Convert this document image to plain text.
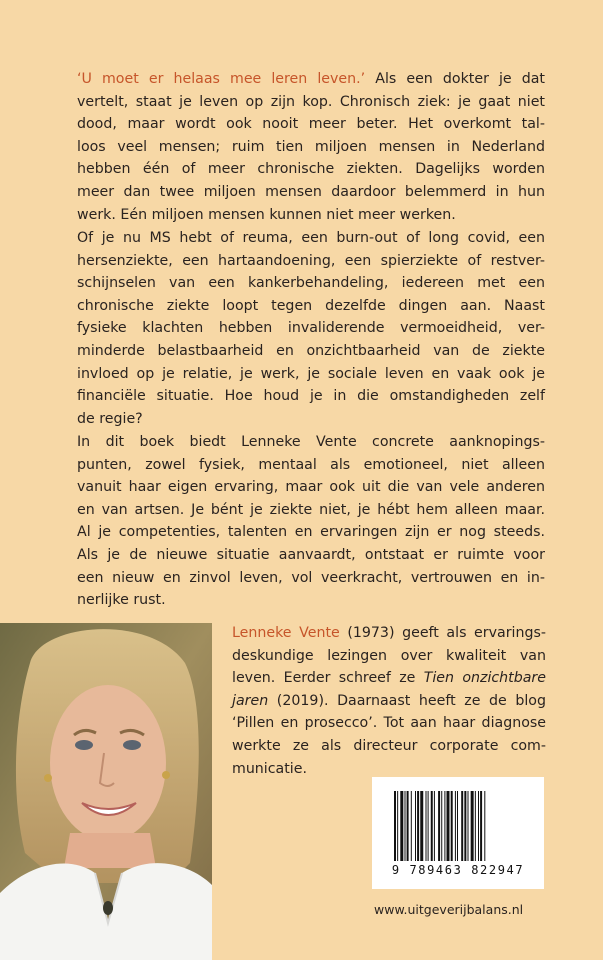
‘U moet er helaas mee leren leven.’ Als een dokter je dat
vertelt, staat je leven op zijn kop. Chronisch ziek: je gaat niet
dood, maar wordt ook nooit meer beter. Het overkomt tal-
loos veel mensen; ruim tien miljoen mensen in Nederland
hebben één of meer chronische ziekten. Dagelijks worden
meer dan twee miljoen mensen daardoor belemmerd in hun
werk. Eén miljoen mensen kunnen niet meer werken.
Of je nu MS hebt of reuma, een burn-out of long covid, een
hersenziekte, een hartaandoening, een spierziekte of restver-
schijnselen van een kankerbehandeling, iedereen met een
chronische ziekte loopt tegen dezelfde dingen aan. Naast
fysieke klachten hebben invaliderende vermoeidheid, ver-
minderde belastbaarheid en onzichtbaarheid van de ziekte
invloed op je relatie, je werk, je sociale leven en vaak ook je
financiële situatie. Hoe houd je in die omstandigheden zelf
de regie?
In dit boek biedt Lenneke Vente concrete aanknopings-
punten, zowel fysiek, mentaal als emotioneel, niet alleen
vanuit haar eigen ervaring, maar ook uit die van vele anderen
en van artsen. Je bént je ziekte niet, je hébt hem alleen maar.
Al je competenties, talenten en ervaringen zijn er nog steeds.
Als je de nieuwe situatie aanvaardt, ontstaat er ruimte voor
een nieuw en zinvol leven, vol veerkracht, vertrouwen en in-
nerlijke rust.
Lenneke Vente (1973) geeft als ervarings-
deskundige lezingen over kwaliteit van
leven. Eerder schreef ze Tien onzichtbare
jaren (2019). Daarnaast heeft ze de blog
‘Pillen en prosecco’. Tot aan haar diagnose
werkte ze als directeur corporate com-
municatie.
9 789463 822947
www.uitgeverijbalans.nl
